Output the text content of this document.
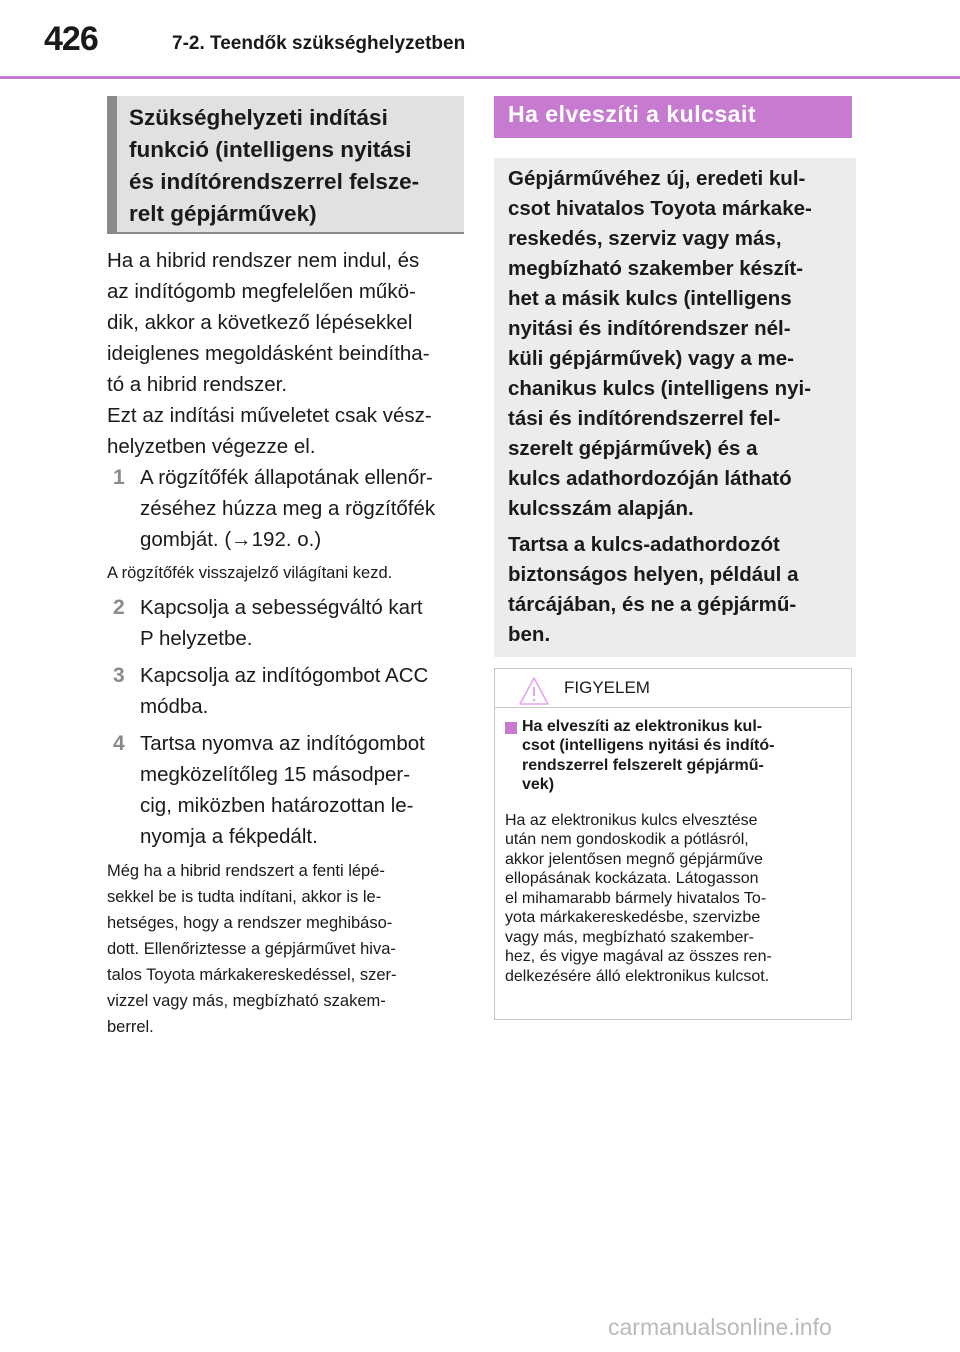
426	7-2. Teendők szükséghelyzetben
Szükséghelyzeti indítási
funkció (intelligens nyitási
és indítórendszerrel felsze-
relt gépjárművek)
Ha a hibrid rendszer nem indul, és
az indítógomb megfelelően műkö-
dik, akkor a következő lépésekkel
ideiglenes megoldásként beindítha-
tó a hibrid rendszer.
Ezt az indítási műveletet csak vész-
helyzetben végezze el.
1 A rögzítőfék állapotának ellenőr-
zéséhez húzza meg a rögzítőfék
gombját. (→192. o.)
A rögzítőfék visszajelző világítani kezd.
2 Kapcsolja a sebességváltó kart
P helyzetbe.
3 Kapcsolja az indítógombot ACC
módba.
4 Tartsa nyomva az indítógombot
megközelítőleg 15 másodper-
cig, miközben határozottan le-
nyomja a fékpedált.
Még ha a hibrid rendszert a fenti lépé-
sekkel be is tudta indítani, akkor is le-
hetséges, hogy a rendszer meghibáso-
dott. Ellenőriztesse a gépjárművet hiva-
talos Toyota márkakereskedéssel, szer-
vizzel vagy más, megbízható szakem-
berrel.
Ha elveszíti a kulcsait
Gépjárművéhez új, eredeti kul-
csot hivatalos Toyota márkake-
reskedés, szerviz vagy más,
megbízható szakember készít-
het a másik kulcs (intelligens
nyitási és indítórendszer nél-
küli gépjárművek) vagy a me-
chanikus kulcs (intelligens nyi-
tási és indítórendszerrel fel-
szerelt gépjárművek) és a
kulcs adathordozóján látható
kulcsszám alapján.
Tartsa a kulcs-adathordozót
biztonságos helyen, például a
tárcájában, és ne a gépjármű-
ben.
FIGYELEM
Ha elveszíti az elektronikus kul-
csot (intelligens nyitási és indító-
rendszerrel felszerelt gépjármű-
vek)
Ha az elektronikus kulcs elvesztése
után nem gondoskodik a pótlásról,
akkor jelentősen megnő gépjárműve
ellopásának kockázata. Látogasson
el mihamarabb bármely hivatalos To-
yota márkakereskedésbe, szervizbe
vagy más, megbízható szakember-
hez, és vigye magával az összes ren-
delkezésére álló elektronikus kulcsot.
carmanualsonline.info
